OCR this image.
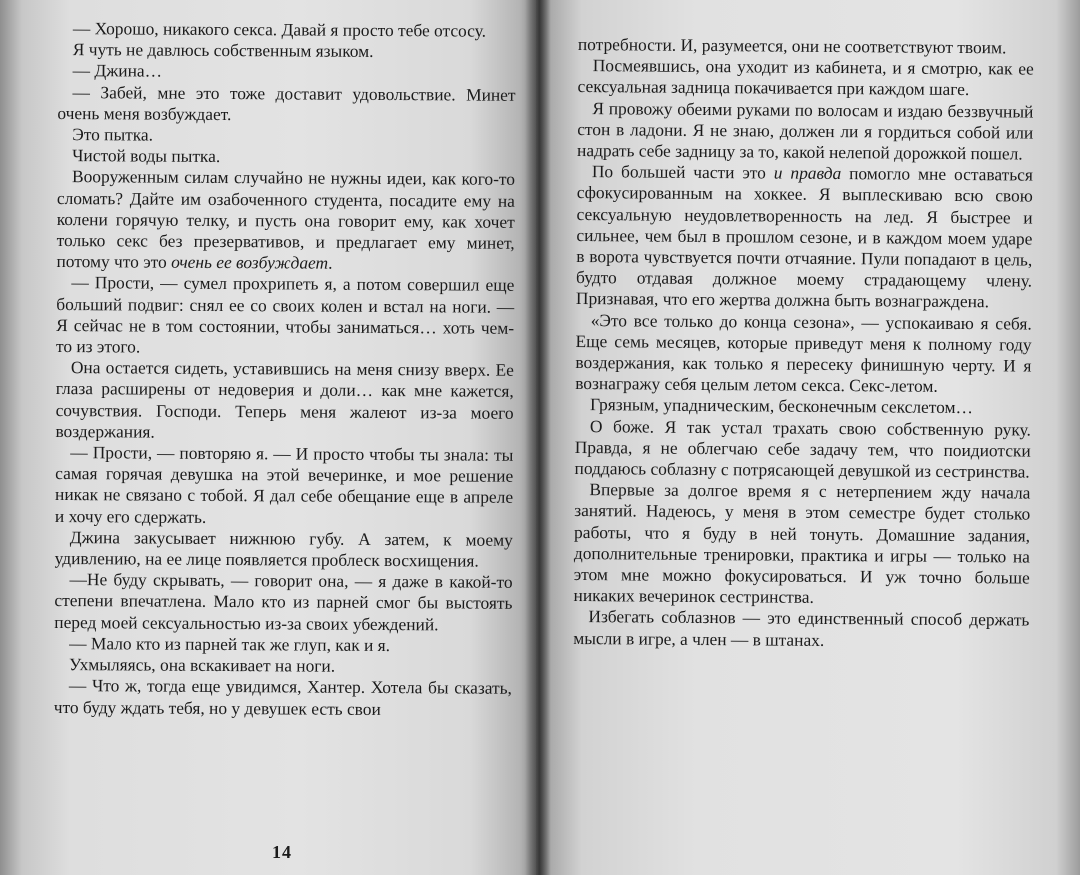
— Хорошо, никакого секса. Давай я просто тебе отсосу.

Я чуть не давлюсь собственным языком.

— Джина…

— Забей, мне это тоже доставит удовольствие. Минет очень меня возбуждает.

Это пытка.

Чистой воды пытка.

Вооруженным силам случайно не нужны идеи, как кого-то сломать? Дайте им озабоченного студента, посадите ему на колени горячую телку, и пусть она говорит ему, как хочет только секс без презервативов, и предлагает ему минет, потому что это очень ее возбуждает.

— Прости, — сумел прохрипеть я, а потом совершил еще больший подвиг: снял ее со своих колен и встал на ноги. — Я сейчас не в том состоянии, чтобы заниматься… хоть чем-то из этого.

Она остается сидеть, уставившись на меня снизу вверх. Ее глаза расширены от недоверия и доли… как мне кажется, сочувствия. Господи. Теперь меня жалеют из-за моего воздержания.

— Прости, — повторяю я. — И просто чтобы ты знала: ты самая горячая девушка на этой вечеринке, и мое решение никак не связано с тобой. Я дал себе обещание еще в апреле и хочу его сдержать.

Джина закусывает нижнюю губу. А затем, к моему удивлению, на ее лице появляется проблеск восхищения.

—Не буду скрывать, — говорит она, — я даже в какой-то степени впечатлена. Мало кто из парней смог бы выстоять перед моей сексуальностью из-за своих убеждений.

— Мало кто из парней так же глуп, как и я.

Ухмыляясь, она вскакивает на ноги.

— Что ж, тогда еще увидимся, Хантер. Хотела бы сказать, что буду ждать тебя, но у девушек есть свои

14

потребности. И, разумеется, они не соответствуют твоим.

Посмеявшись, она уходит из кабинета, и я смотрю, как ее сексуальная задница покачивается при каждом шаге.

Я провожу обеими руками по волосам и издаю беззвучный стон в ладони. Я не знаю, должен ли я гордиться собой или надрать себе задницу за то, какой нелепой дорожкой пошел.

По большей части это и правда помогло мне оставаться сфокусированным на хоккее. Я выплескиваю всю свою сексуальную неудовлетворенность на лед. Я быстрее и сильнее, чем был в прошлом сезоне, и в каждом моем ударе в ворота чувствуется почти отчаяние. Пули попадают в цель, будто отдавая должное моему страдающему члену. Признавая, что его жертва должна быть вознаграждена.

«Это все только до конца сезона», — успокаиваю я себя. Еще семь месяцев, которые приведут меня к полному году воздержания, как только я пересеку финишную черту. И я вознагражу себя целым летом секса. Секс-летом.

Грязным, упадническим, бесконечным секслетом…

О боже. Я так устал трахать свою собственную руку. Правда, я не облегчаю себе задачу тем, что поидиотски поддаюсь соблазну с потрясающей девушкой из сестринства.

Впервые за долгое время я с нетерпением жду начала занятий. Надеюсь, у меня в этом семестре будет столько работы, что я буду в ней тонуть. Домашние задания, дополнительные тренировки, практика и игры — только на этом мне можно фокусироваться. И уж точно больше никаких вечеринок сестринства.

Избегать соблазнов — это единственный способ держать мысли в игре, а член — в штанах.
